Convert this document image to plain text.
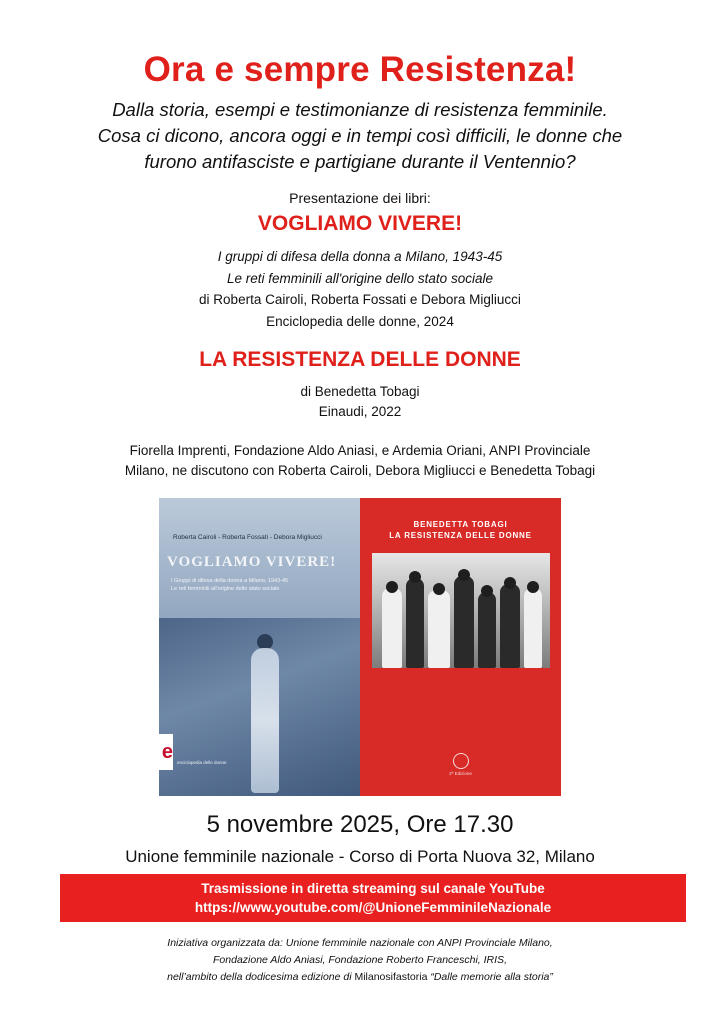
Ora e sempre Resistenza!
Dalla storia, esempi e testimonianze di resistenza femminile.
Cosa ci dicono, ancora oggi e in tempi così difficili, le donne che
furono antifasciste e partigiane durante il Ventennio?
Presentazione dei libri:
VOGLIAMO VIVERE!
I gruppi di difesa della donna a Milano, 1943-45
Le reti femminili all'origine dello stato sociale
di Roberta Cairoli, Roberta Fossati e Debora Migliucci
Enciclopedia delle donne, 2024
LA RESISTENZA DELLE DONNE
di Benedetta Tobagi
Einaudi, 2022
Fiorella Imprenti, Fondazione Aldo Aniasi, e Ardemia Oriani, ANPI Provinciale
Milano, ne discutono con Roberta Cairoli, Debora Migliucci e Benedetta Tobagi
Roberta Cairoli - Roberta Fossati - Debora Migliucci
VOGLIAMO VIVERE!
I Gruppi di difesa della donna a Milano, 1943-45
Le reti femminili all'origine dello stato sociale
e enciclopedia delle donne
BENEDETTA TOBAGI
LA RESISTENZA DELLE DONNE
2ª Edizione
5 novembre 2025, Ore 17.30
Unione femminile nazionale - Corso di Porta Nuova 32, Milano
Trasmissione in diretta streaming sul canale YouTube
https://www.youtube.com/@UnioneFemminileNazionale
Iniziativa organizzata da: Unione femminile nazionale con ANPI Provinciale Milano,
Fondazione Aldo Aniasi, Fondazione Roberto Franceschi, IRIS,
nell’ambito della dodicesima edizione di Milanosifastoria “Dalle memorie alla storia”
